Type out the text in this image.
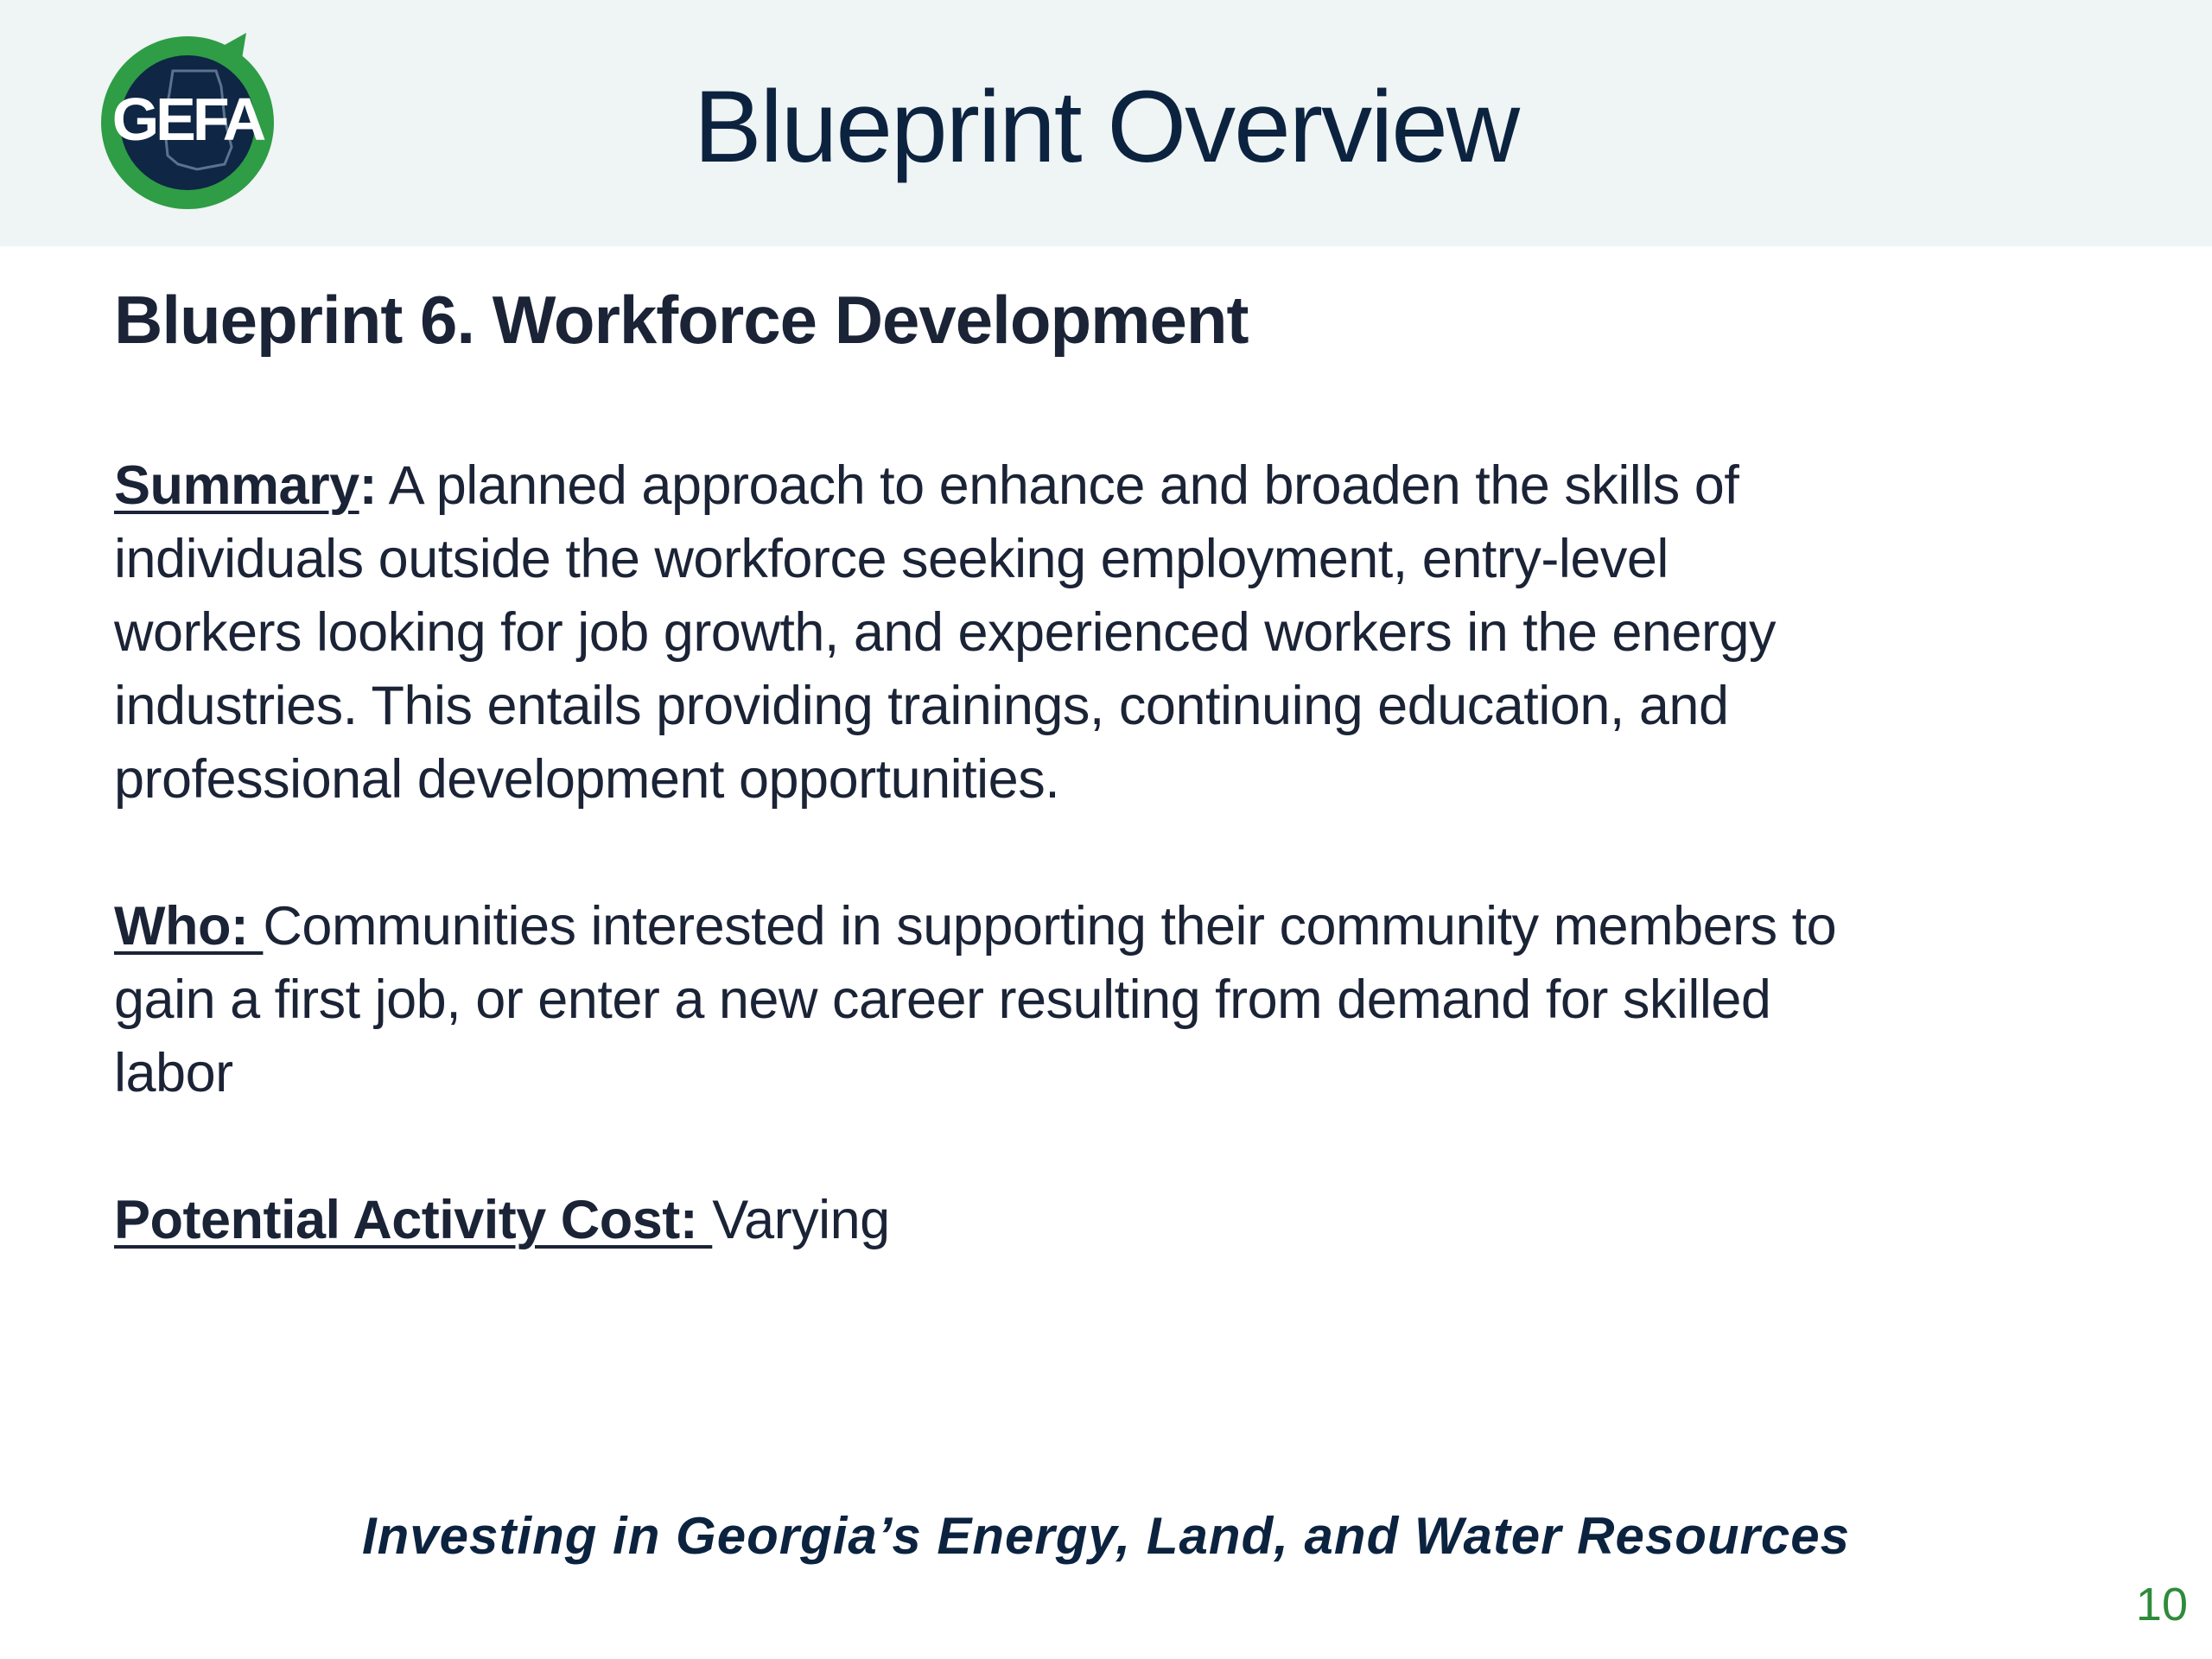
GEFA	Blueprint Overview
Blueprint 6. Workforce Development
Summary: A planned approach to enhance and broaden the skills of individuals outside the workforce seeking employment, entry-level workers looking for job growth, and experienced workers in the energy industries. This entails providing trainings, continuing education, and professional development opportunities.
Who: Communities interested in supporting their community members to gain a first job, or enter a new career resulting from demand for skilled labor
Potential Activity Cost: Varying
Investing in Georgia’s Energy, Land, and Water Resources
10
